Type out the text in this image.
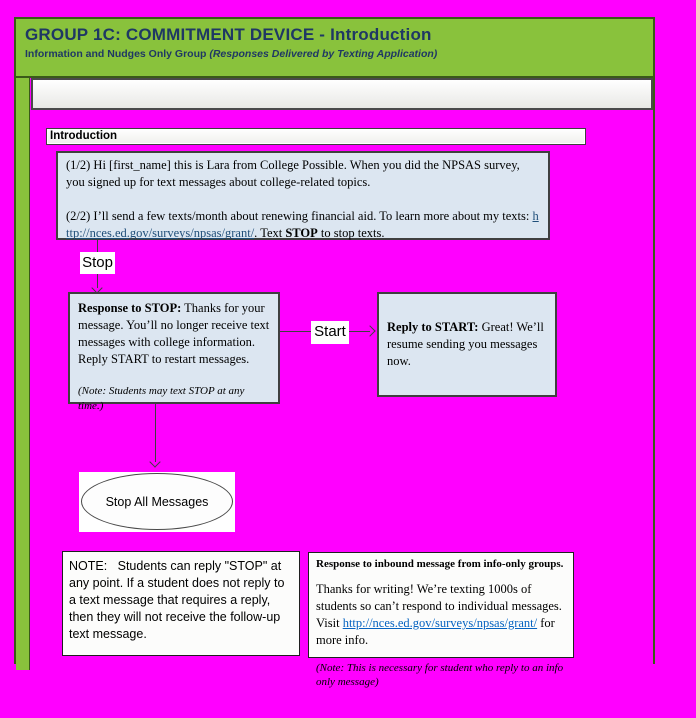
GROUP 1C: COMMITMENT DEVICE - Introduction
Information and Nudges Only Group (Responses Delivered by Texting Application)
Introduction

(1/2) Hi [first_name] this is Lara from College Possible. When you did the NPSAS survey, you signed up for text messages about college-related topics.

(2/2) I’ll send a few texts/month about renewing financial aid. To learn more about my texts: http://nces.ed.gov/surveys/npsas/grant/. Text STOP to stop texts.

Stop

Response to STOP: Thanks for your message. You’ll no longer receive text messages with college information. Reply START to restart messages.

(Note: Students may text STOP at any time.)

Start	Reply to START: Great! We’ll resume sending you messages now.

Stop All Messages
NOTE:   Students can reply "STOP" at any point. If a student does not reply to a text message that requires a reply, then they will not receive the follow-up text message.

Response to inbound message from info-only groups.

Thanks for writing! We’re texting 1000s of students so can’t respond to individual messages. Visit http://nces.ed.gov/surveys/npsas/grant/ for more info.

(Note: This is necessary for student who reply to an info only message)
